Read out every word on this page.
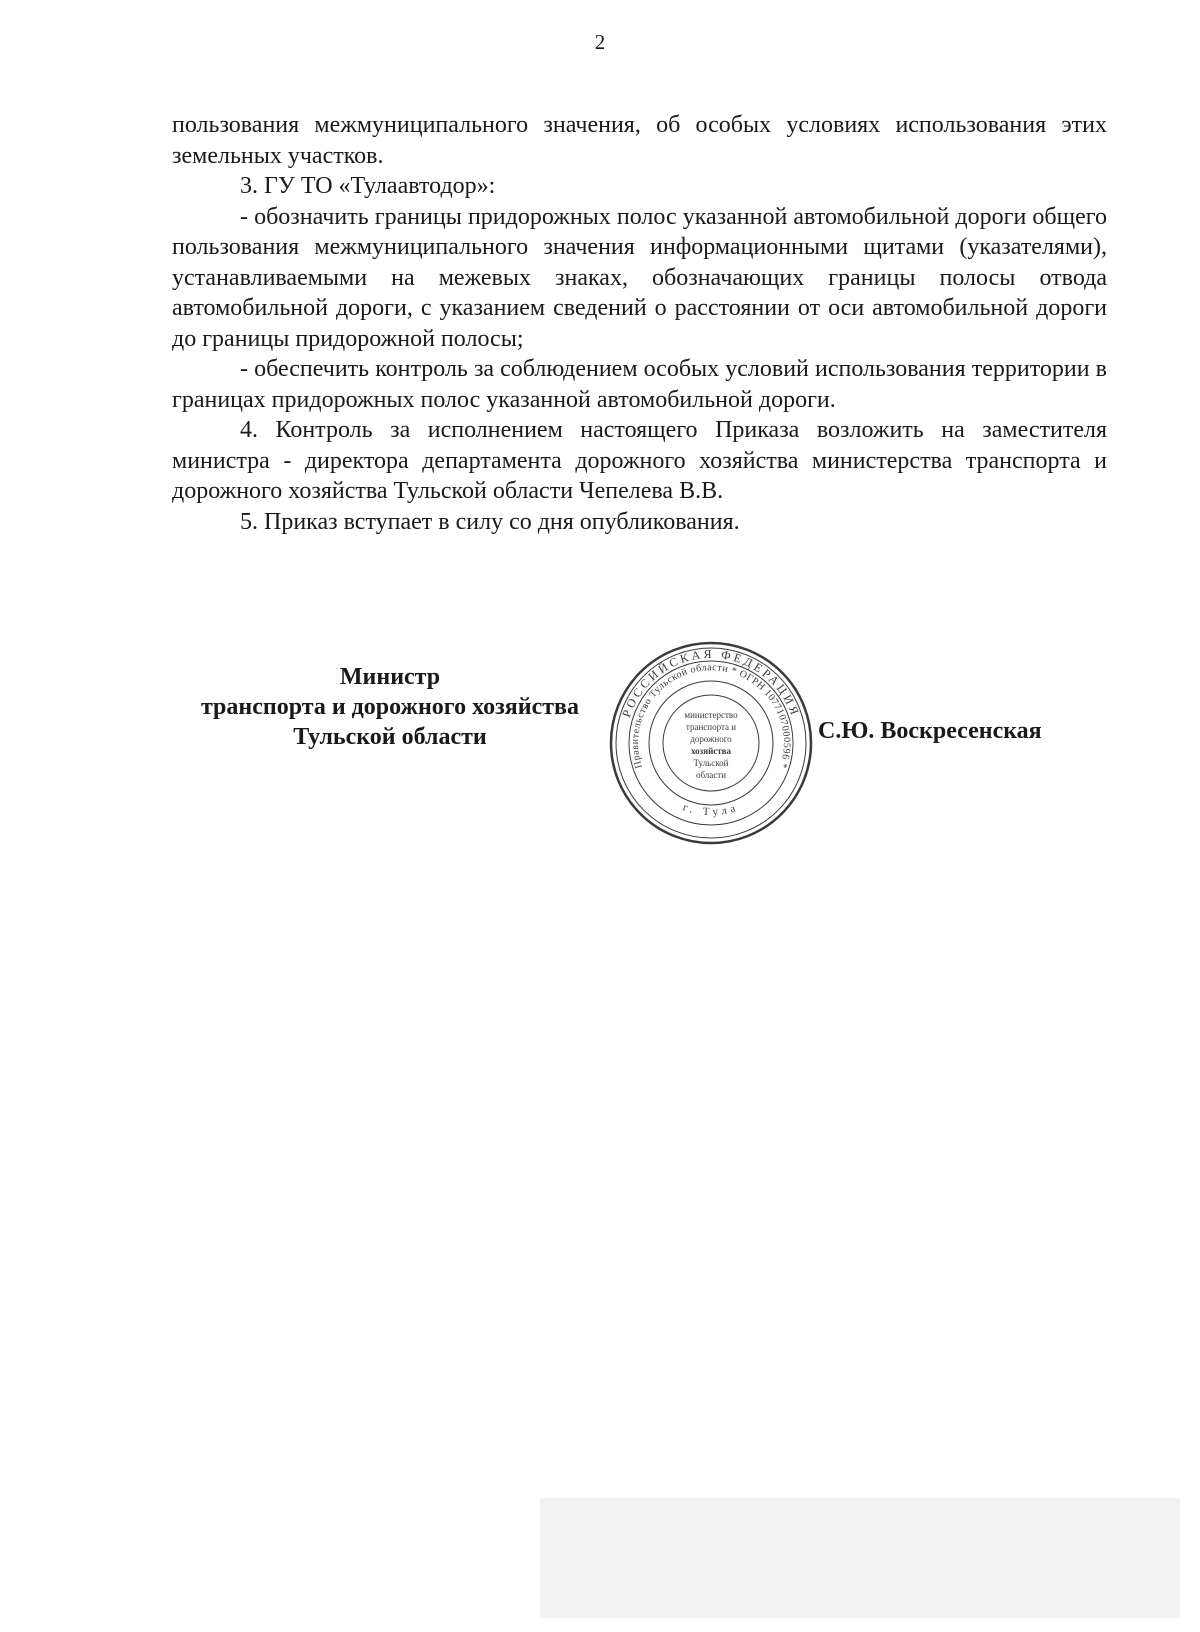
2

пользования межмуниципального значения, об особых условиях использования этих земельных участков.

3. ГУ ТО «Тулаавтодор»:

- обозначить границы придорожных полос указанной автомобильной дороги общего пользования межмуниципального значения информационными щитами (указателями), устанавливаемыми на межевых знаках, обозначающих границы полосы отвода автомобильной дороги, с указанием сведений о расстоянии от оси автомобильной дороги до границы придорожной полосы;

- обеспечить контроль за соблюдением особых условий использования территории в границах придорожных полос указанной автомобильной дороги.

4. Контроль за исполнением настоящего Приказа возложить на заместителя министра - директора департамента дорожного хозяйства министерства транспорта и дорожного хозяйства Тульской области Чепелева В.В.

5. Приказ вступает в силу со дня опубликования.

Министр
транспорта и дорожного хозяйства
Тульской области
РОССИЙСКАЯ ФЕДЕРАЦИЯ
Правительство Тульской области * ОГРН 1077107000596 *
г. Тула
министерство
транспорта и
дорожного
хозяйства
Тульской
области
С.Ю. Воскресенская
